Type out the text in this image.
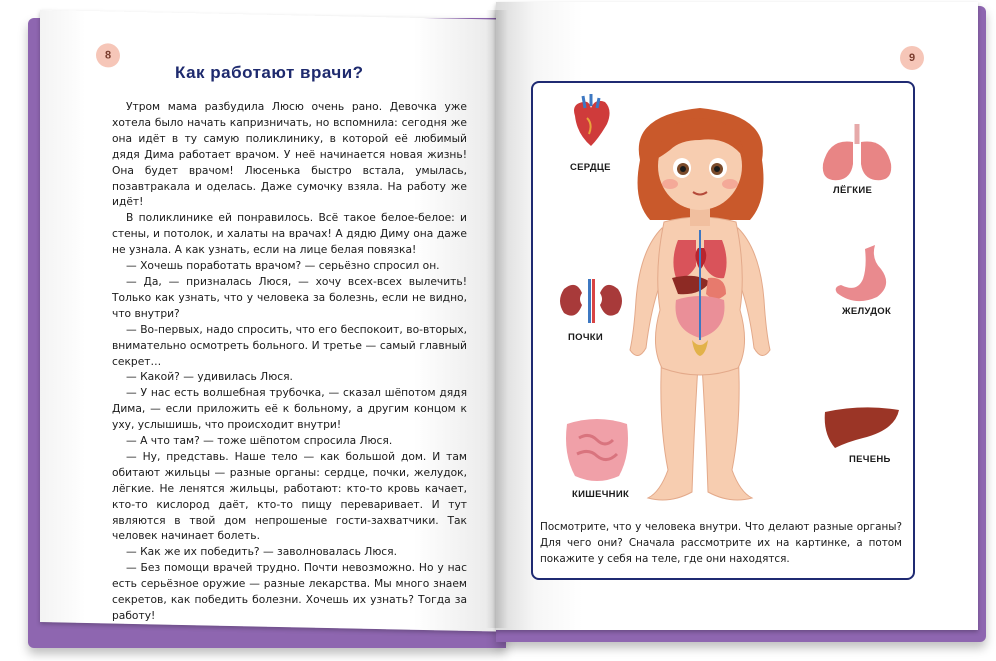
8
Как работают врачи?

Утром мама разбудила Люсю очень рано. Девочка уже хотела было начать капризничать, но вспомнила: сегодня же она идёт в ту самую поликлинику, в которой её любимый дядя Дима работает врачом. У неё начинается новая жизнь! Она будет врачом! Люсенька быстро встала, умылась, позавтракала и оделась. Даже сумочку взяла. На работу же идёт!

В поликлинике ей понравилось. Всё такое белое-белое: и стены, и потолок, и халаты на врачах! А дядю Диму она даже не узнала. А как узнать, если на лице белая повязка!

— Хочешь поработать врачом? — серьёзно спросил он.

— Да, — призналась Люся, — хочу всех-всех вылечить! Только как узнать, что у человека за болезнь, если не видно, что внутри?

— Во-первых, надо спросить, что его беспокоит, во-вторых, внимательно осмотреть больного. И третье — самый главный секрет…

— Какой? — удивилась Люся.

— У нас есть волшебная трубочка, — сказал шёпотом дядя Дима, — если приложить её к больному, а другим концом к уху, услышишь, что происходит внутри!

— А что там? — тоже шёпотом спросила Люся.

— Ну, представь. Наше тело — как большой дом. И там обитают жильцы — разные органы: сердце, почки, желудок, лёгкие. Не ленятся жильцы, работают: кто-то кровь качает, кто-то кислород даёт, кто-то пищу переваривает. И тут являются в твой дом непрошеные гости-захватчики. Так человек начинает болеть.

— Как же их победить? — заволновалась Люся.

— Без помощи врачей трудно. Почти невозможно. Но у нас есть серьёзное оружие — разные лекарства. Мы много знаем секретов, как победить болезни. Хочешь их узнать? Тогда за работу!

9
СЕРДЦЕ
ЛЁГКИЕ
ПОЧКИ
ЖЕЛУДОК
КИШЕЧНИК
ПЕЧЕНЬ
Посмотрите, что у человека внутри. Что делают разные органы? Для чего они? Сначала рассмотрите их на картинке, а потом покажите у себя на теле, где они находятся.
